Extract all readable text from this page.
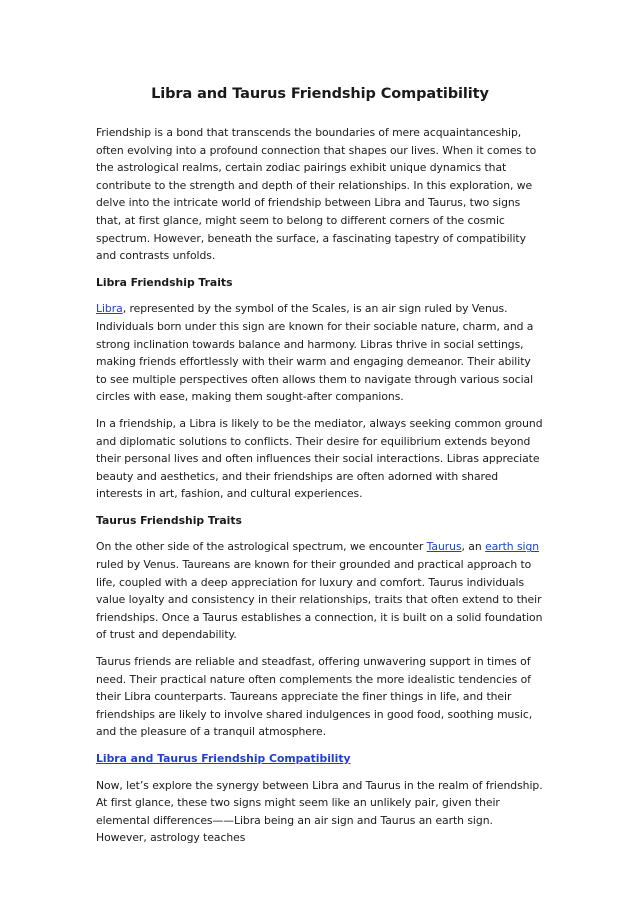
Libra and Taurus Friendship Compatibility

Friendship is a bond that transcends the boundaries of mere acquaintanceship, often evolving into a profound connection that shapes our lives. When it comes to the astrological realms, certain zodiac pairings exhibit unique dynamics that contribute to the strength and depth of their relationships. In this exploration, we delve into the intricate world of friendship between Libra and Taurus, two signs that, at first glance, might seem to belong to different corners of the cosmic spectrum. However, beneath the surface, a fascinating tapestry of compatibility and contrasts unfolds.

Libra Friendship Traits

Libra, represented by the symbol of the Scales, is an air sign ruled by Venus. Individuals born under this sign are known for their sociable nature, charm, and a strong inclination towards balance and harmony. Libras thrive in social settings, making friends effortlessly with their warm and engaging demeanor. Their ability to see multiple perspectives often allows them to navigate through various social circles with ease, making them sought-after companions.

In a friendship, a Libra is likely to be the mediator, always seeking common ground and diplomatic solutions to conflicts. Their desire for equilibrium extends beyond their personal lives and often influences their social interactions. Libras appreciate beauty and aesthetics, and their friendships are often adorned with shared interests in art, fashion, and cultural experiences.

Taurus Friendship Traits

On the other side of the astrological spectrum, we encounter Taurus, an earth sign ruled by Venus. Taureans are known for their grounded and practical approach to life, coupled with a deep appreciation for luxury and comfort. Taurus individuals value loyalty and consistency in their relationships, traits that often extend to their friendships. Once a Taurus establishes a connection, it is built on a solid foundation of trust and dependability.

Taurus friends are reliable and steadfast, offering unwavering support in times of need. Their practical nature often complements the more idealistic tendencies of their Libra counterparts. Taureans appreciate the finer things in life, and their friendships are likely to involve shared indulgences in good food, soothing music, and the pleasure of a tranquil atmosphere.

Libra and Taurus Friendship Compatibility

Now, let’s explore the synergy between Libra and Taurus in the realm of friendship. At first glance, these two signs might seem like an unlikely pair, given their elemental differences——Libra being an air sign and Taurus an earth sign. However, astrology teaches
